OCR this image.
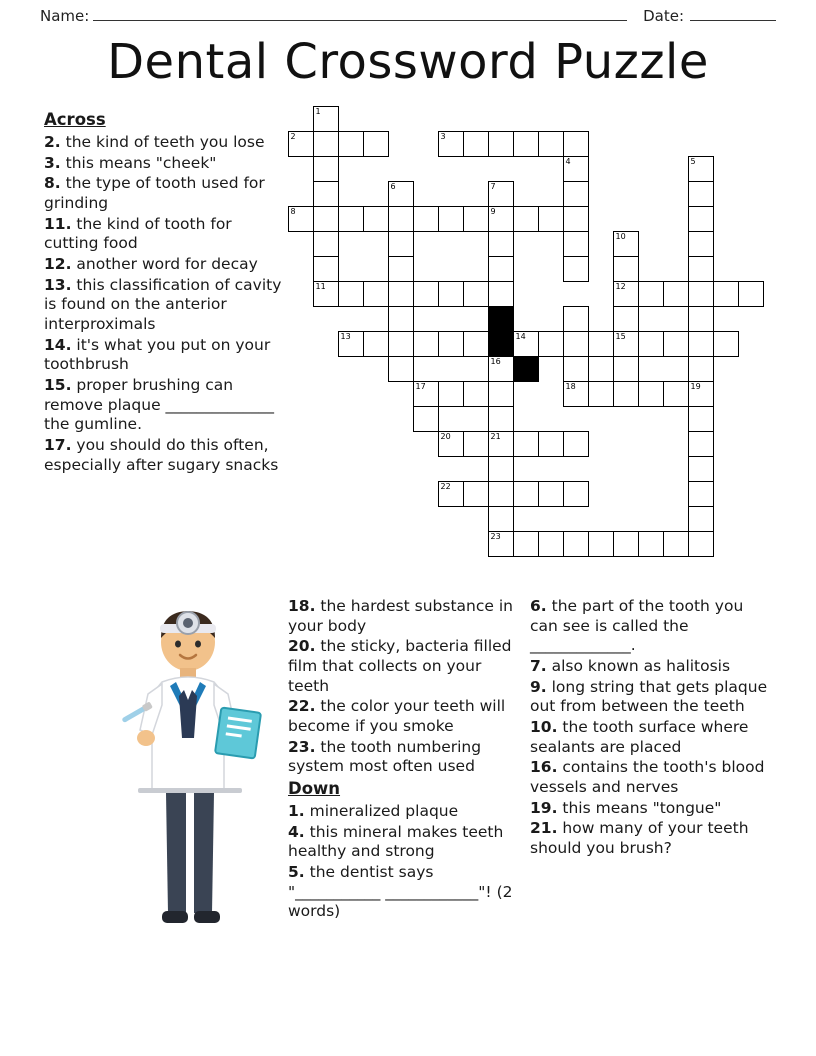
Name:	Date:
Dental Crossword Puzzle
Across
2. the kind of teeth you lose
3. this means "cheek"
8. the type of tooth used for grinding
11. the kind of tooth for cutting food
12. another word for decay
13. this classification of cavity is found on the anterior interproximals
14. it's what you put on your toothbrush
15. proper brushing can remove plaque ______________ the gumline.
17. you should do this often, especially after sugary snacks
1
2	3
4	5
6	7
8	9
10
11	12
13	14	15
16
17	18	19
20	21
22
23
18. the hardest substance in your body
20. the sticky, bacteria filled film that collects on your teeth
22. the color your teeth will become if you smoke
23. the tooth numbering system most often used
Down
1. mineralized plaque
4. this mineral makes teeth healthy and strong
5. the dentist says "___________ ____________"! (2 words)
6. the part of the tooth you can see is called the _____________.
7. also known as halitosis
9. long string that gets plaque out from between the teeth
10. the tooth surface where sealants are placed
16. contains the tooth's blood vessels and nerves
19. this means "tongue"
21. how many of your teeth should you brush?
